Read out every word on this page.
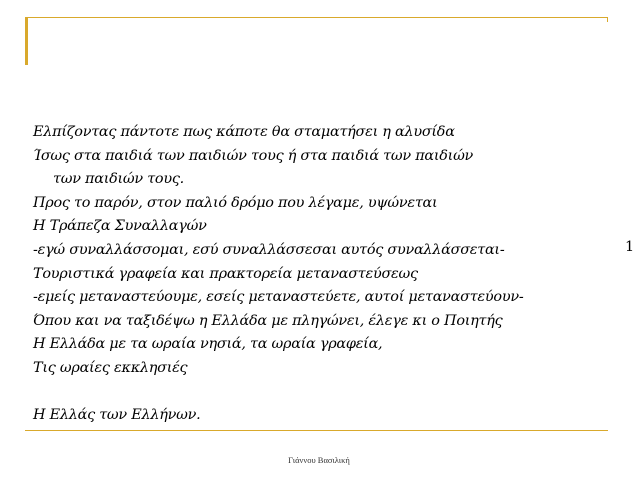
Ελπίζοντας πάντοτε πως κάποτε θα σταματήσει η αλυσίδα
Ίσως στα παιδιά των παιδιών τους ή στα παιδιά των παιδιών
των παιδιών τους.
Προς το παρόν, στον παλιό δρόμο που λέγαμε, υψώνεται
Η Τράπεζα Συναλλαγών
-εγώ συναλλάσσομαι, εσύ συναλλάσσεσαι αυτός συναλλάσσεται-
Τουριστικά γραφεία και πρακτορεία μεταναστεύσεως
-εμείς μεταναστεύουμε, εσείς μεταναστεύετε, αυτοί μεταναστεύουν-
Όπου και να ταξιδέψω η Ελλάδα με πληγώνει, έλεγε κι ο Ποιητής
Η Ελλάδα με τα ωραία νησιά, τα ωραία γραφεία,
Τις ωραίες εκκλησιές
Η Ελλάς των Ελλήνων.
1
Γιάννου Βασιλική
